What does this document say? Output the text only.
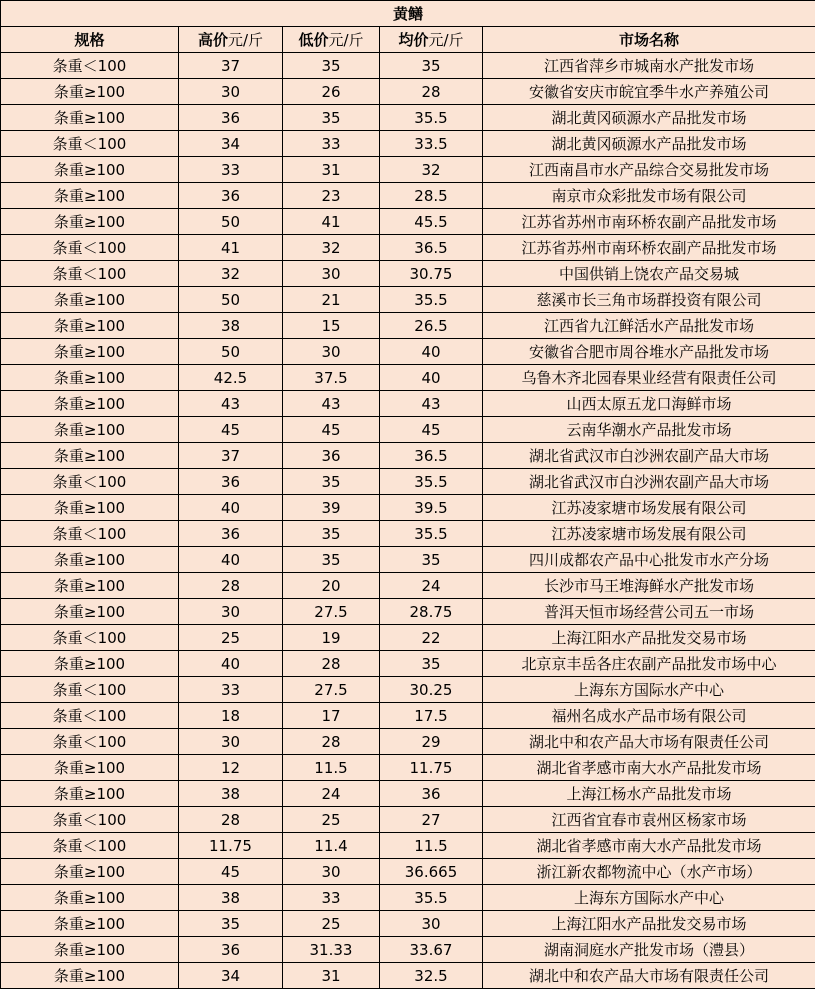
黄鳝				
规格	高价元/斤	低价元/斤	均价元/斤	市场名称
条重＜100	37	35	35	江西省萍乡市城南水产批发市场
条重≥100	30	26	28	安徽省安庆市皖宜季牛水产养殖公司
条重≥100	36	35	35.5	湖北黄冈硕源水产品批发市场
条重＜100	34	33	33.5	湖北黄冈硕源水产品批发市场
条重≥100	33	31	32	江西南昌市水产品综合交易批发市场
条重≥100	36	23	28.5	南京市众彩批发市场有限公司
条重≥100	50	41	45.5	江苏省苏州市南环桥农副产品批发市场
条重＜100	41	32	36.5	江苏省苏州市南环桥农副产品批发市场
条重＜100	32	30	30.75	中国供销上饶农产品交易城
条重≥100	50	21	35.5	慈溪市长三角市场群投资有限公司
条重≥100	38	15	26.5	江西省九江鲜活水产品批发市场
条重≥100	50	30	40	安徽省合肥市周谷堆水产品批发市场
条重≥100	42.5	37.5	40	乌鲁木齐北园春果业经营有限责任公司
条重≥100	43	43	43	山西太原五龙口海鲜市场
条重≥100	45	45	45	云南华潮水产品批发市场
条重≥100	37	36	36.5	湖北省武汉市白沙洲农副产品大市场
条重＜100	36	35	35.5	湖北省武汉市白沙洲农副产品大市场
条重≥100	40	39	39.5	江苏凌家塘市场发展有限公司
条重＜100	36	35	35.5	江苏凌家塘市场发展有限公司
条重≥100	40	35	35	四川成都农产品中心批发市水产分场
条重≥100	28	20	24	长沙市马王堆海鲜水产批发市场
条重≥100	30	27.5	28.75	普洱天恒市场经营公司五一市场
条重＜100	25	19	22	上海江阳水产品批发交易市场
条重≥100	40	28	35	北京京丰岳各庄农副产品批发市场中心
条重＜100	33	27.5	30.25	上海东方国际水产中心
条重＜100	18	17	17.5	福州名成水产品市场有限公司
条重＜100	30	28	29	湖北中和农产品大市场有限责任公司
条重≥100	12	11.5	11.75	湖北省孝感市南大水产品批发市场
条重≥100	38	24	36	上海江杨水产品批发市场
条重＜100	28	25	27	江西省宜春市袁州区杨家市场
条重＜100	11.75	11.4	11.5	湖北省孝感市南大水产品批发市场
条重≥100	45	30	36.665	浙江新农都物流中心（水产市场）
条重≥100	38	33	35.5	上海东方国际水产中心
条重≥100	35	25	30	上海江阳水产品批发交易市场
条重≥100	36	31.33	33.67	湖南洞庭水产批发市场（澧县）
条重≥100	34	31	32.5	湖北中和农产品大市场有限责任公司
